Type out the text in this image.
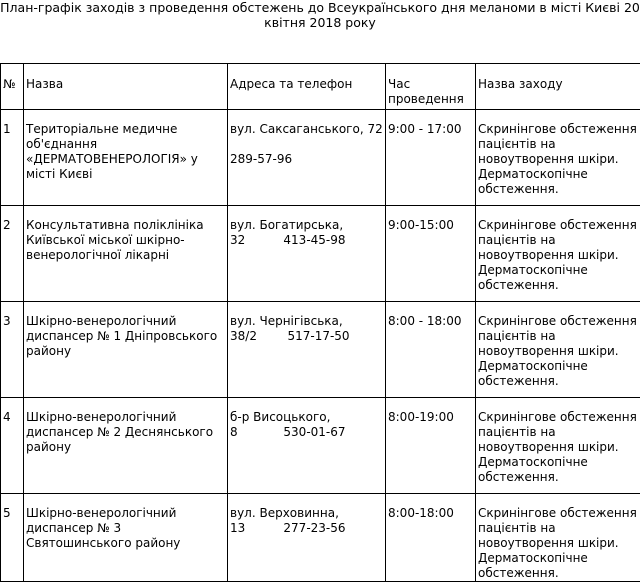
План-графік заходів з проведення обстежень до Всеукраїнського дня меланоми в місті Києві 20
квітня 2018 року
№	Назва	Адреса та телефон	Час
проведення	Назва заходу
1	Територіальне медичне
об'єднання
«ДЕРМАТОВЕНЕРОЛОГІЯ» у
місті Києві	вул. Саксаганського, 72
289-57-96	9:00 - 17:00	Скринінгове обстеження
пацієнтів на
новоутворення шкіри.
Дерматоскопічне
обстеження.

2	Консультативна поліклініка
Київської міської шкірно-
венерологічної лікарні	вул. Богатирська,
32          413-45-98	9:00-15:00	Скринінгове обстеження
пацієнтів на
новоутворення шкіри.
Дерматоскопічне
обстеження.

3	Шкірно-венерологічний
диспансер № 1 Дніпровського
району	вул. Чернігівська,
38/2        517-17-50	8:00 - 18:00	Скринінгове обстеження
пацієнтів на
новоутворення шкіри.
Дерматоскопічне
обстеження.

4	Шкірно-венерологічний
диспансер № 2 Деснянського
району	б-р Висоцького,
8            530-01-67	8:00-19:00	Скринінгове обстеження
пацієнтів на
новоутворення шкіри.
Дерматоскопічне
обстеження.

5	Шкірно-венерологічний
диспансер № 3
Святошинського району	вул. Верховинна,
13          277-23-56	8:00-18:00	Скринінгове обстеження
пацієнтів на
новоутворення шкіри.
Дерматоскопічне
обстеження.
